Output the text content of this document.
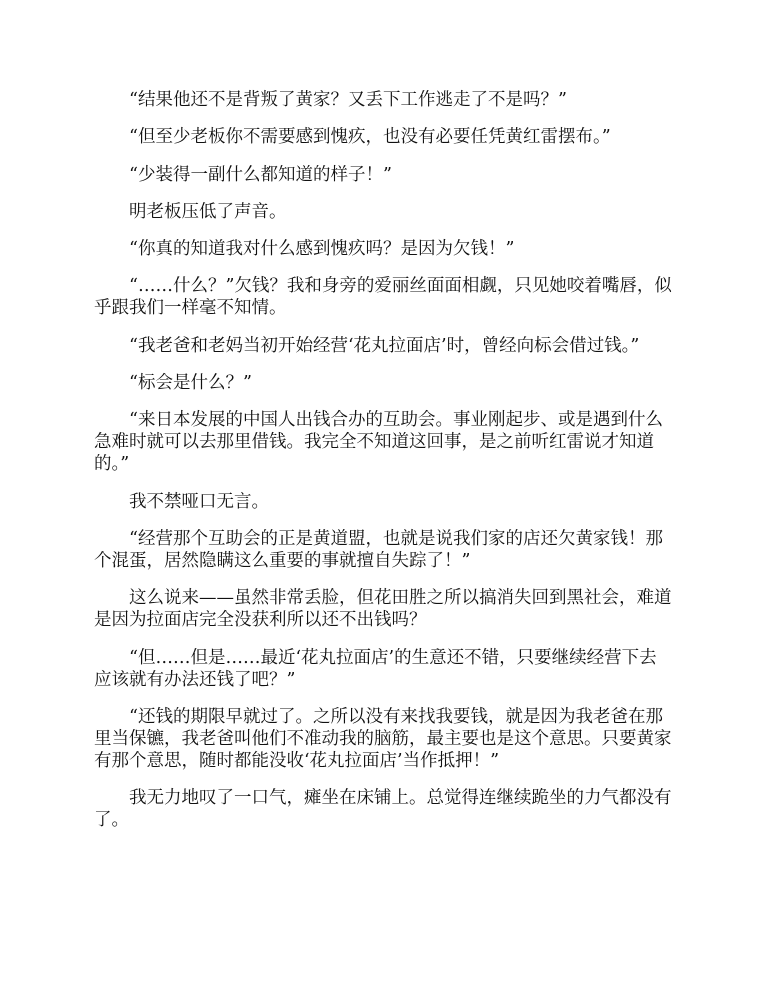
“结果他还不是背叛了黄家？又丢下工作逃走了不是吗？”

“但至少老板你不需要感到愧疚，也没有必要任凭黄红雷摆布。”

“少装得一副什么都知道的样子！”

明老板压低了声音。

“你真的知道我对什么感到愧疚吗？是因为欠钱！”

“……什么？”欠钱？我和身旁的爱丽丝面面相觑，只见她咬着嘴唇，似乎跟我们一样毫不知情。

“我老爸和老妈当初开始经营‘花丸拉面店’时，曾经向标会借过钱。”

“标会是什么？”

“来日本发展的中国人出钱合办的互助会。事业刚起步、或是遇到什么急难时就可以去那里借钱。我完全不知道这回事，是之前听红雷说才知道的。”

我不禁哑口无言。

“经营那个互助会的正是黄道盟，也就是说我们家的店还欠黄家钱！那个混蛋，居然隐瞒这么重要的事就擅自失踪了！”

这么说来——虽然非常丢脸，但花田胜之所以搞消失回到黑社会，难道是因为拉面店完全没获利所以还不出钱吗？

“但……但是……最近‘花丸拉面店’的生意还不错，只要继续经营下去应该就有办法还钱了吧？”

“还钱的期限早就过了。之所以没有来找我要钱，就是因为我老爸在那里当保镳，我老爸叫他们不准动我的脑筋，最主要也是这个意思。只要黄家有那个意思，随时都能没收‘花丸拉面店’当作抵押！”

我无力地叹了一口气，瘫坐在床铺上。总觉得连继续跪坐的力气都没有了。
